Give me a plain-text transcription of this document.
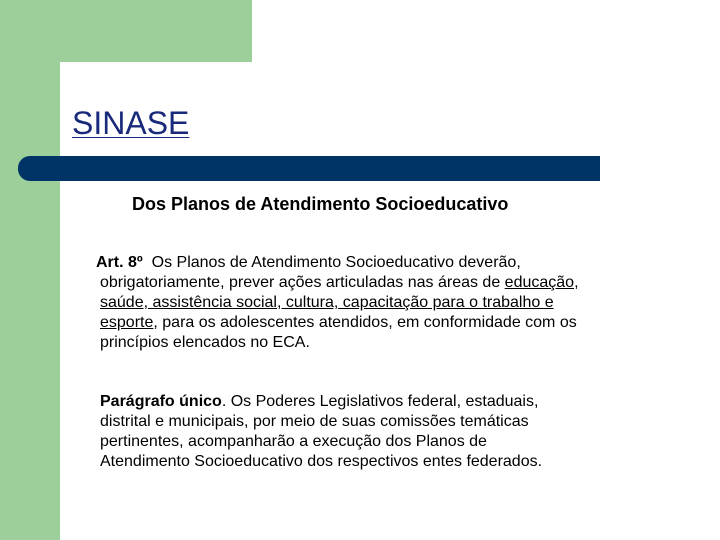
SINASE
Dos Planos de Atendimento Socioeducativo
Art. 8º Os Planos de Atendimento Socioeducativo deverão,
obrigatoriamente, prever ações articuladas nas áreas de educação,
saúde, assistência social, cultura, capacitação para o trabalho e
esporte, para os adolescentes atendidos, em conformidade com os
princípios elencados no ECA.
Parágrafo único. Os Poderes Legislativos federal, estaduais,
distrital e municipais, por meio de suas comissões temáticas
pertinentes, acompanharão a execução dos Planos de
Atendimento Socioeducativo dos respectivos entes federados.
